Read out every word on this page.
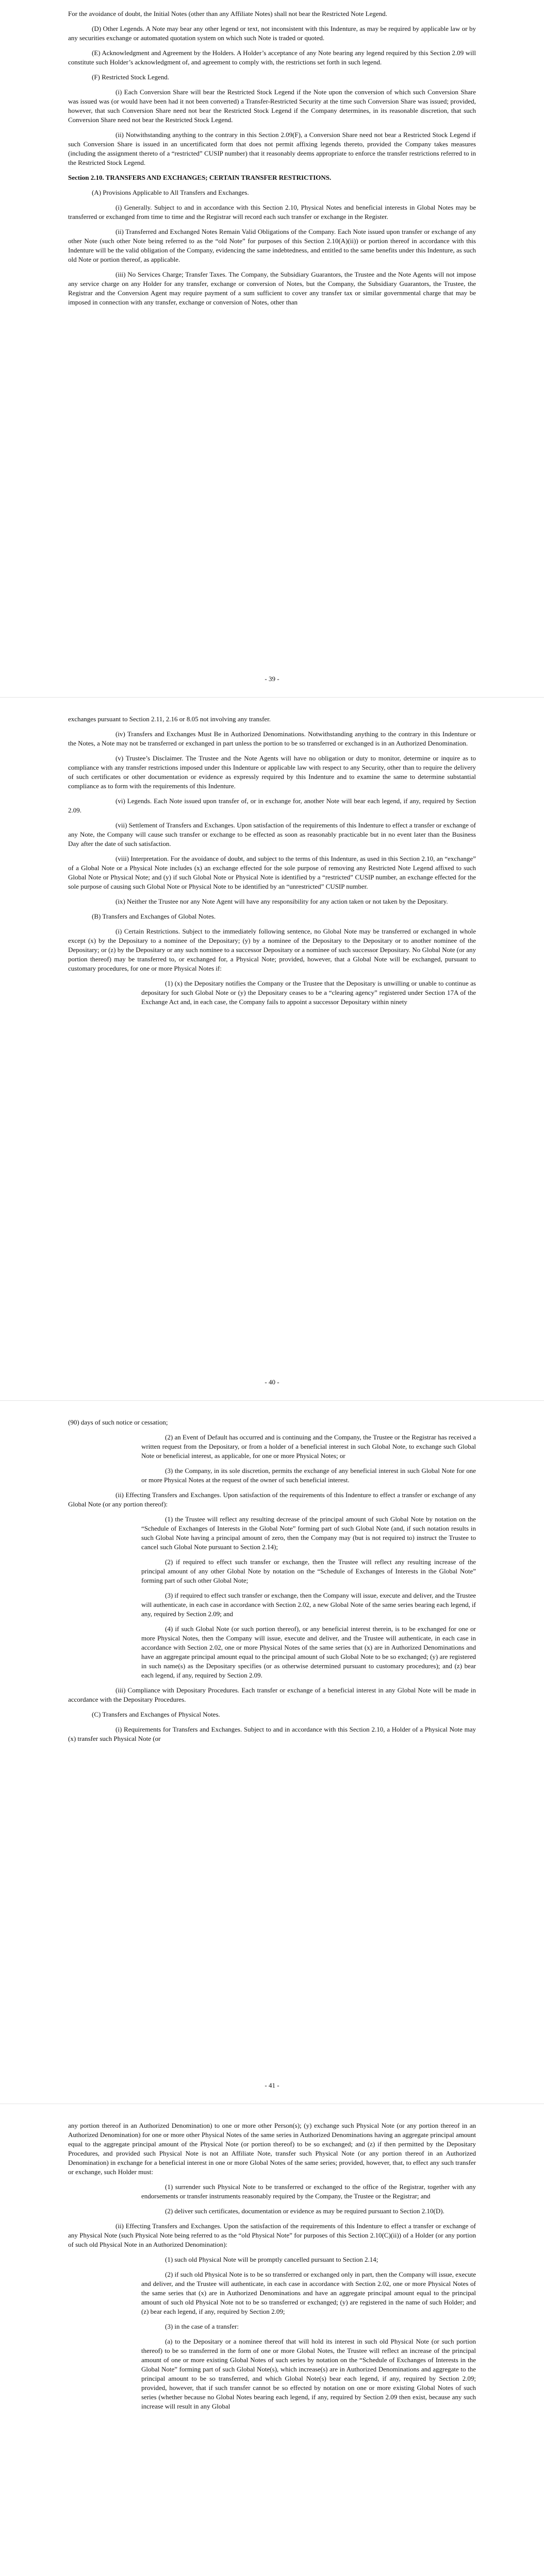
For the avoidance of doubt, the Initial Notes (other than any Affiliate Notes) shall not bear the Restricted Note Legend.

(D) Other Legends. A Note may bear any other legend or text, not inconsistent with this Indenture, as may be required by applicable law or by any securities exchange or automated quotation system on which such Note is traded or quoted.

(E) Acknowledgment and Agreement by the Holders. A Holder’s acceptance of any Note bearing any legend required by this Section 2.09 will constitute such Holder’s acknowledgment of, and agreement to comply with, the restrictions set forth in such legend.

(F) Restricted Stock Legend.

(i) Each Conversion Share will bear the Restricted Stock Legend if the Note upon the conversion of which such Conversion Share was issued was (or would have been had it not been converted) a Transfer-Restricted Security at the time such Conversion Share was issued; provided, however, that such Conversion Share need not bear the Restricted Stock Legend if the Company determines, in its reasonable discretion, that such Conversion Share need not bear the Restricted Stock Legend.

(ii) Notwithstanding anything to the contrary in this Section 2.09(F), a Conversion Share need not bear a Restricted Stock Legend if such Conversion Share is issued in an uncertificated form that does not permit affixing legends thereto, provided the Company takes measures (including the assignment thereto of a “restricted” CUSIP number) that it reasonably deems appropriate to enforce the transfer restrictions referred to in the Restricted Stock Legend.

Section 2.10. TRANSFERS AND EXCHANGES; CERTAIN TRANSFER RESTRICTIONS.

(A) Provisions Applicable to All Transfers and Exchanges.

(i) Generally. Subject to and in accordance with this Section 2.10, Physical Notes and beneficial interests in Global Notes may be transferred or exchanged from time to time and the Registrar will record each such transfer or exchange in the Register.

(ii) Transferred and Exchanged Notes Remain Valid Obligations of the Company. Each Note issued upon transfer or exchange of any other Note (such other Note being referred to as the “old Note” for purposes of this Section 2.10(A)(ii)) or portion thereof in accordance with this Indenture will be the valid obligation of the Company, evidencing the same indebtedness, and entitled to the same benefits under this Indenture, as such old Note or portion thereof, as applicable.

(iii) No Services Charge; Transfer Taxes. The Company, the Subsidiary Guarantors, the Trustee and the Note Agents will not impose any service charge on any Holder for any transfer, exchange or conversion of Notes, but the Company, the Subsidiary Guarantors, the Trustee, the Registrar and the Conversion Agent may require payment of a sum sufficient to cover any transfer tax or similar governmental charge that may be imposed in connection with any transfer, exchange or conversion of Notes, other than

- 39 -

exchanges pursuant to Section 2.11, 2.16 or 8.05 not involving any transfer.

(iv) Transfers and Exchanges Must Be in Authorized Denominations. Notwithstanding anything to the contrary in this Indenture or the Notes, a Note may not be transferred or exchanged in part unless the portion to be so transferred or exchanged is in an Authorized Denomination.

(v) Trustee’s Disclaimer. The Trustee and the Note Agents will have no obligation or duty to monitor, determine or inquire as to compliance with any transfer restrictions imposed under this Indenture or applicable law with respect to any Security, other than to require the delivery of such certificates or other documentation or evidence as expressly required by this Indenture and to examine the same to determine substantial compliance as to form with the requirements of this Indenture.

(vi) Legends. Each Note issued upon transfer of, or in exchange for, another Note will bear each legend, if any, required by Section 2.09.

(vii) Settlement of Transfers and Exchanges. Upon satisfaction of the requirements of this Indenture to effect a transfer or exchange of any Note, the Company will cause such transfer or exchange to be effected as soon as reasonably practicable but in no event later than the Business Day after the date of such satisfaction.

(viii) Interpretation. For the avoidance of doubt, and subject to the terms of this Indenture, as used in this Section 2.10, an “exchange” of a Global Note or a Physical Note includes (x) an exchange effected for the sole purpose of removing any Restricted Note Legend affixed to such Global Note or Physical Note; and (y) if such Global Note or Physical Note is identified by a “restricted” CUSIP number, an exchange effected for the sole purpose of causing such Global Note or Physical Note to be identified by an “unrestricted” CUSIP number.

(ix) Neither the Trustee nor any Note Agent will have any responsibility for any action taken or not taken by the Depositary.

(B) Transfers and Exchanges of Global Notes.

(i) Certain Restrictions. Subject to the immediately following sentence, no Global Note may be transferred or exchanged in whole except (x) by the Depositary to a nominee of the Depositary; (y) by a nominee of the Depositary to the Depositary or to another nominee of the Depositary; or (z) by the Depositary or any such nominee to a successor Depositary or a nominee of such successor Depositary. No Global Note (or any portion thereof) may be transferred to, or exchanged for, a Physical Note; provided, however, that a Global Note will be exchanged, pursuant to customary procedures, for one or more Physical Notes if:

(1) (x) the Depositary notifies the Company or the Trustee that the Depositary is unwilling or unable to continue as depositary for such Global Note or (y) the Depositary ceases to be a “clearing agency” registered under Section 17A of the Exchange Act and, in each case, the Company fails to appoint a successor Depositary within ninety

- 40 -

(90) days of such notice or cessation;

(2) an Event of Default has occurred and is continuing and the Company, the Trustee or the Registrar has received a written request from the Depositary, or from a holder of a beneficial interest in such Global Note, to exchange such Global Note or beneficial interest, as applicable, for one or more Physical Notes; or

(3) the Company, in its sole discretion, permits the exchange of any beneficial interest in such Global Note for one or more Physical Notes at the request of the owner of such beneficial interest.

(ii) Effecting Transfers and Exchanges. Upon satisfaction of the requirements of this Indenture to effect a transfer or exchange of any Global Note (or any portion thereof):

(1) the Trustee will reflect any resulting decrease of the principal amount of such Global Note by notation on the “Schedule of Exchanges of Interests in the Global Note” forming part of such Global Note (and, if such notation results in such Global Note having a principal amount of zero, then the Company may (but is not required to) instruct the Trustee to cancel such Global Note pursuant to Section 2.14);

(2) if required to effect such transfer or exchange, then the Trustee will reflect any resulting increase of the principal amount of any other Global Note by notation on the “Schedule of Exchanges of Interests in the Global Note” forming part of such other Global Note;

(3) if required to effect such transfer or exchange, then the Company will issue, execute and deliver, and the Trustee will authenticate, in each case in accordance with Section 2.02, a new Global Note of the same series bearing each legend, if any, required by Section 2.09; and

(4) if such Global Note (or such portion thereof), or any beneficial interest therein, is to be exchanged for one or more Physical Notes, then the Company will issue, execute and deliver, and the Trustee will authenticate, in each case in accordance with Section 2.02, one or more Physical Notes of the same series that (x) are in Authorized Denominations and have an aggregate principal amount equal to the principal amount of such Global Note to be so exchanged; (y) are registered in such name(s) as the Depositary specifies (or as otherwise determined pursuant to customary procedures); and (z) bear each legend, if any, required by Section 2.09.

(iii) Compliance with Depositary Procedures. Each transfer or exchange of a beneficial interest in any Global Note will be made in accordance with the Depositary Procedures.

(C) Transfers and Exchanges of Physical Notes.

(i) Requirements for Transfers and Exchanges. Subject to and in accordance with this Section 2.10, a Holder of a Physical Note may (x) transfer such Physical Note (or

- 41 -

any portion thereof in an Authorized Denomination) to one or more other Person(s); (y) exchange such Physical Note (or any portion thereof in an Authorized Denomination) for one or more other Physical Notes of the same series in Authorized Denominations having an aggregate principal amount equal to the aggregate principal amount of the Physical Note (or portion thereof) to be so exchanged; and (z) if then permitted by the Depositary Procedures, and provided such Physical Note is not an Affiliate Note, transfer such Physical Note (or any portion thereof in an Authorized Denomination) in exchange for a beneficial interest in one or more Global Notes of the same series; provided, however, that, to effect any such transfer or exchange, such Holder must:

(1) surrender such Physical Note to be transferred or exchanged to the office of the Registrar, together with any endorsements or transfer instruments reasonably required by the Company, the Trustee or the Registrar; and

(2) deliver such certificates, documentation or evidence as may be required pursuant to Section 2.10(D).

(ii) Effecting Transfers and Exchanges. Upon the satisfaction of the requirements of this Indenture to effect a transfer or exchange of any Physical Note (such Physical Note being referred to as the “old Physical Note” for purposes of this Section 2.10(C)(ii)) of a Holder (or any portion of such old Physical Note in an Authorized Denomination):

(1) such old Physical Note will be promptly cancelled pursuant to Section 2.14;

(2) if such old Physical Note is to be so transferred or exchanged only in part, then the Company will issue, execute and deliver, and the Trustee will authenticate, in each case in accordance with Section 2.02, one or more Physical Notes of the same series that (x) are in Authorized Denominations and have an aggregate principal amount equal to the principal amount of such old Physical Note not to be so transferred or exchanged; (y) are registered in the name of such Holder; and (z) bear each legend, if any, required by Section 2.09;

(3) in the case of a transfer:

(a) to the Depositary or a nominee thereof that will hold its interest in such old Physical Note (or such portion thereof) to be so transferred in the form of one or more Global Notes, the Trustee will reflect an increase of the principal amount of one or more existing Global Notes of such series by notation on the “Schedule of Exchanges of Interests in the Global Note” forming part of such Global Note(s), which increase(s) are in Authorized Denominations and aggregate to the principal amount to be so transferred, and which Global Note(s) bear each legend, if any, required by Section 2.09; provided, however, that if such transfer cannot be so effected by notation on one or more existing Global Notes of such series (whether because no Global Notes bearing each legend, if any, required by Section 2.09 then exist, because any such increase will result in any Global
